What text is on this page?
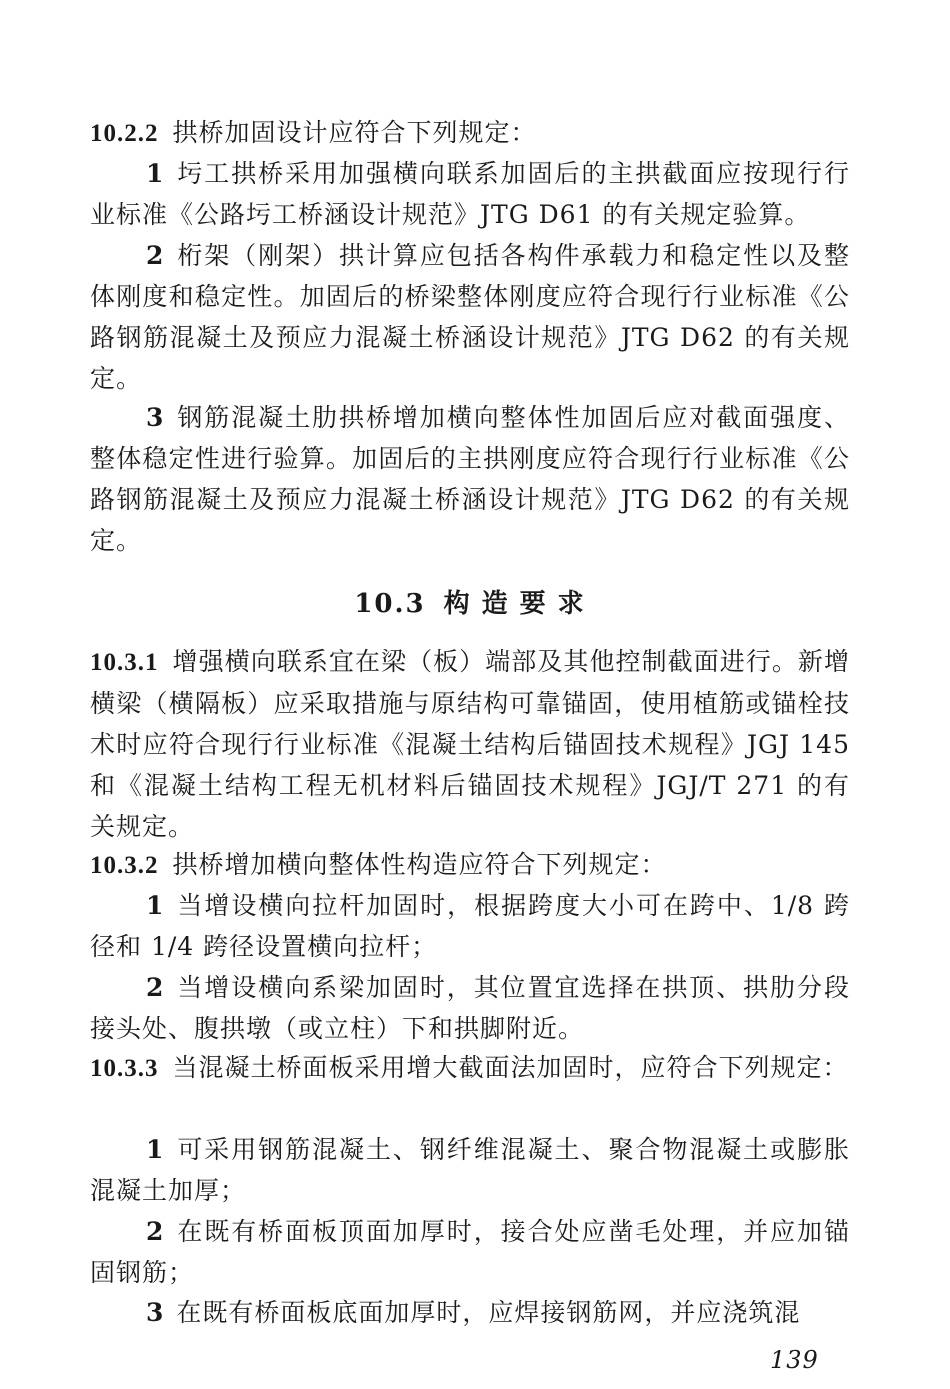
10.2.2 拱桥加固设计应符合下列规定：

1 圬工拱桥采用加强横向联系加固后的主拱截面应按现行行业标准《公路圬工桥涵设计规范》JTG D61 的有关规定验算。

2 桁架（刚架）拱计算应包括各构件承载力和稳定性以及整体刚度和稳定性。加固后的桥梁整体刚度应符合现行行业标准《公路钢筋混凝土及预应力混凝土桥涵设计规范》JTG D62 的有关规定。

3 钢筋混凝土肋拱桥增加横向整体性加固后应对截面强度、整体稳定性进行验算。加固后的主拱刚度应符合现行行业标准《公路钢筋混凝土及预应力混凝土桥涵设计规范》JTG D62 的有关规定。

10.3 构造要求

10.3.1 增强横向联系宜在梁（板）端部及其他控制截面进行。新增横梁（横隔板）应采取措施与原结构可靠锚固，使用植筋或锚栓技术时应符合现行行业标准《混凝土结构后锚固技术规程》JGJ 145 和《混凝土结构工程无机材料后锚固技术规程》JGJ/T 271 的有关规定。

10.3.2 拱桥增加横向整体性构造应符合下列规定：

1 当增设横向拉杆加固时，根据跨度大小可在跨中、1/8 跨径和 1/4 跨径设置横向拉杆；

2 当增设横向系梁加固时，其位置宜选择在拱顶、拱肋分段接头处、腹拱墩（或立柱）下和拱脚附近。

10.3.3 当混凝土桥面板采用增大截面法加固时，应符合下列规定：

1 可采用钢筋混凝土、钢纤维混凝土、聚合物混凝土或膨胀混凝土加厚；

2 在既有桥面板顶面加厚时，接合处应凿毛处理，并应加锚固钢筋；

3 在既有桥面板底面加厚时，应焊接钢筋网，并应浇筑混

139
